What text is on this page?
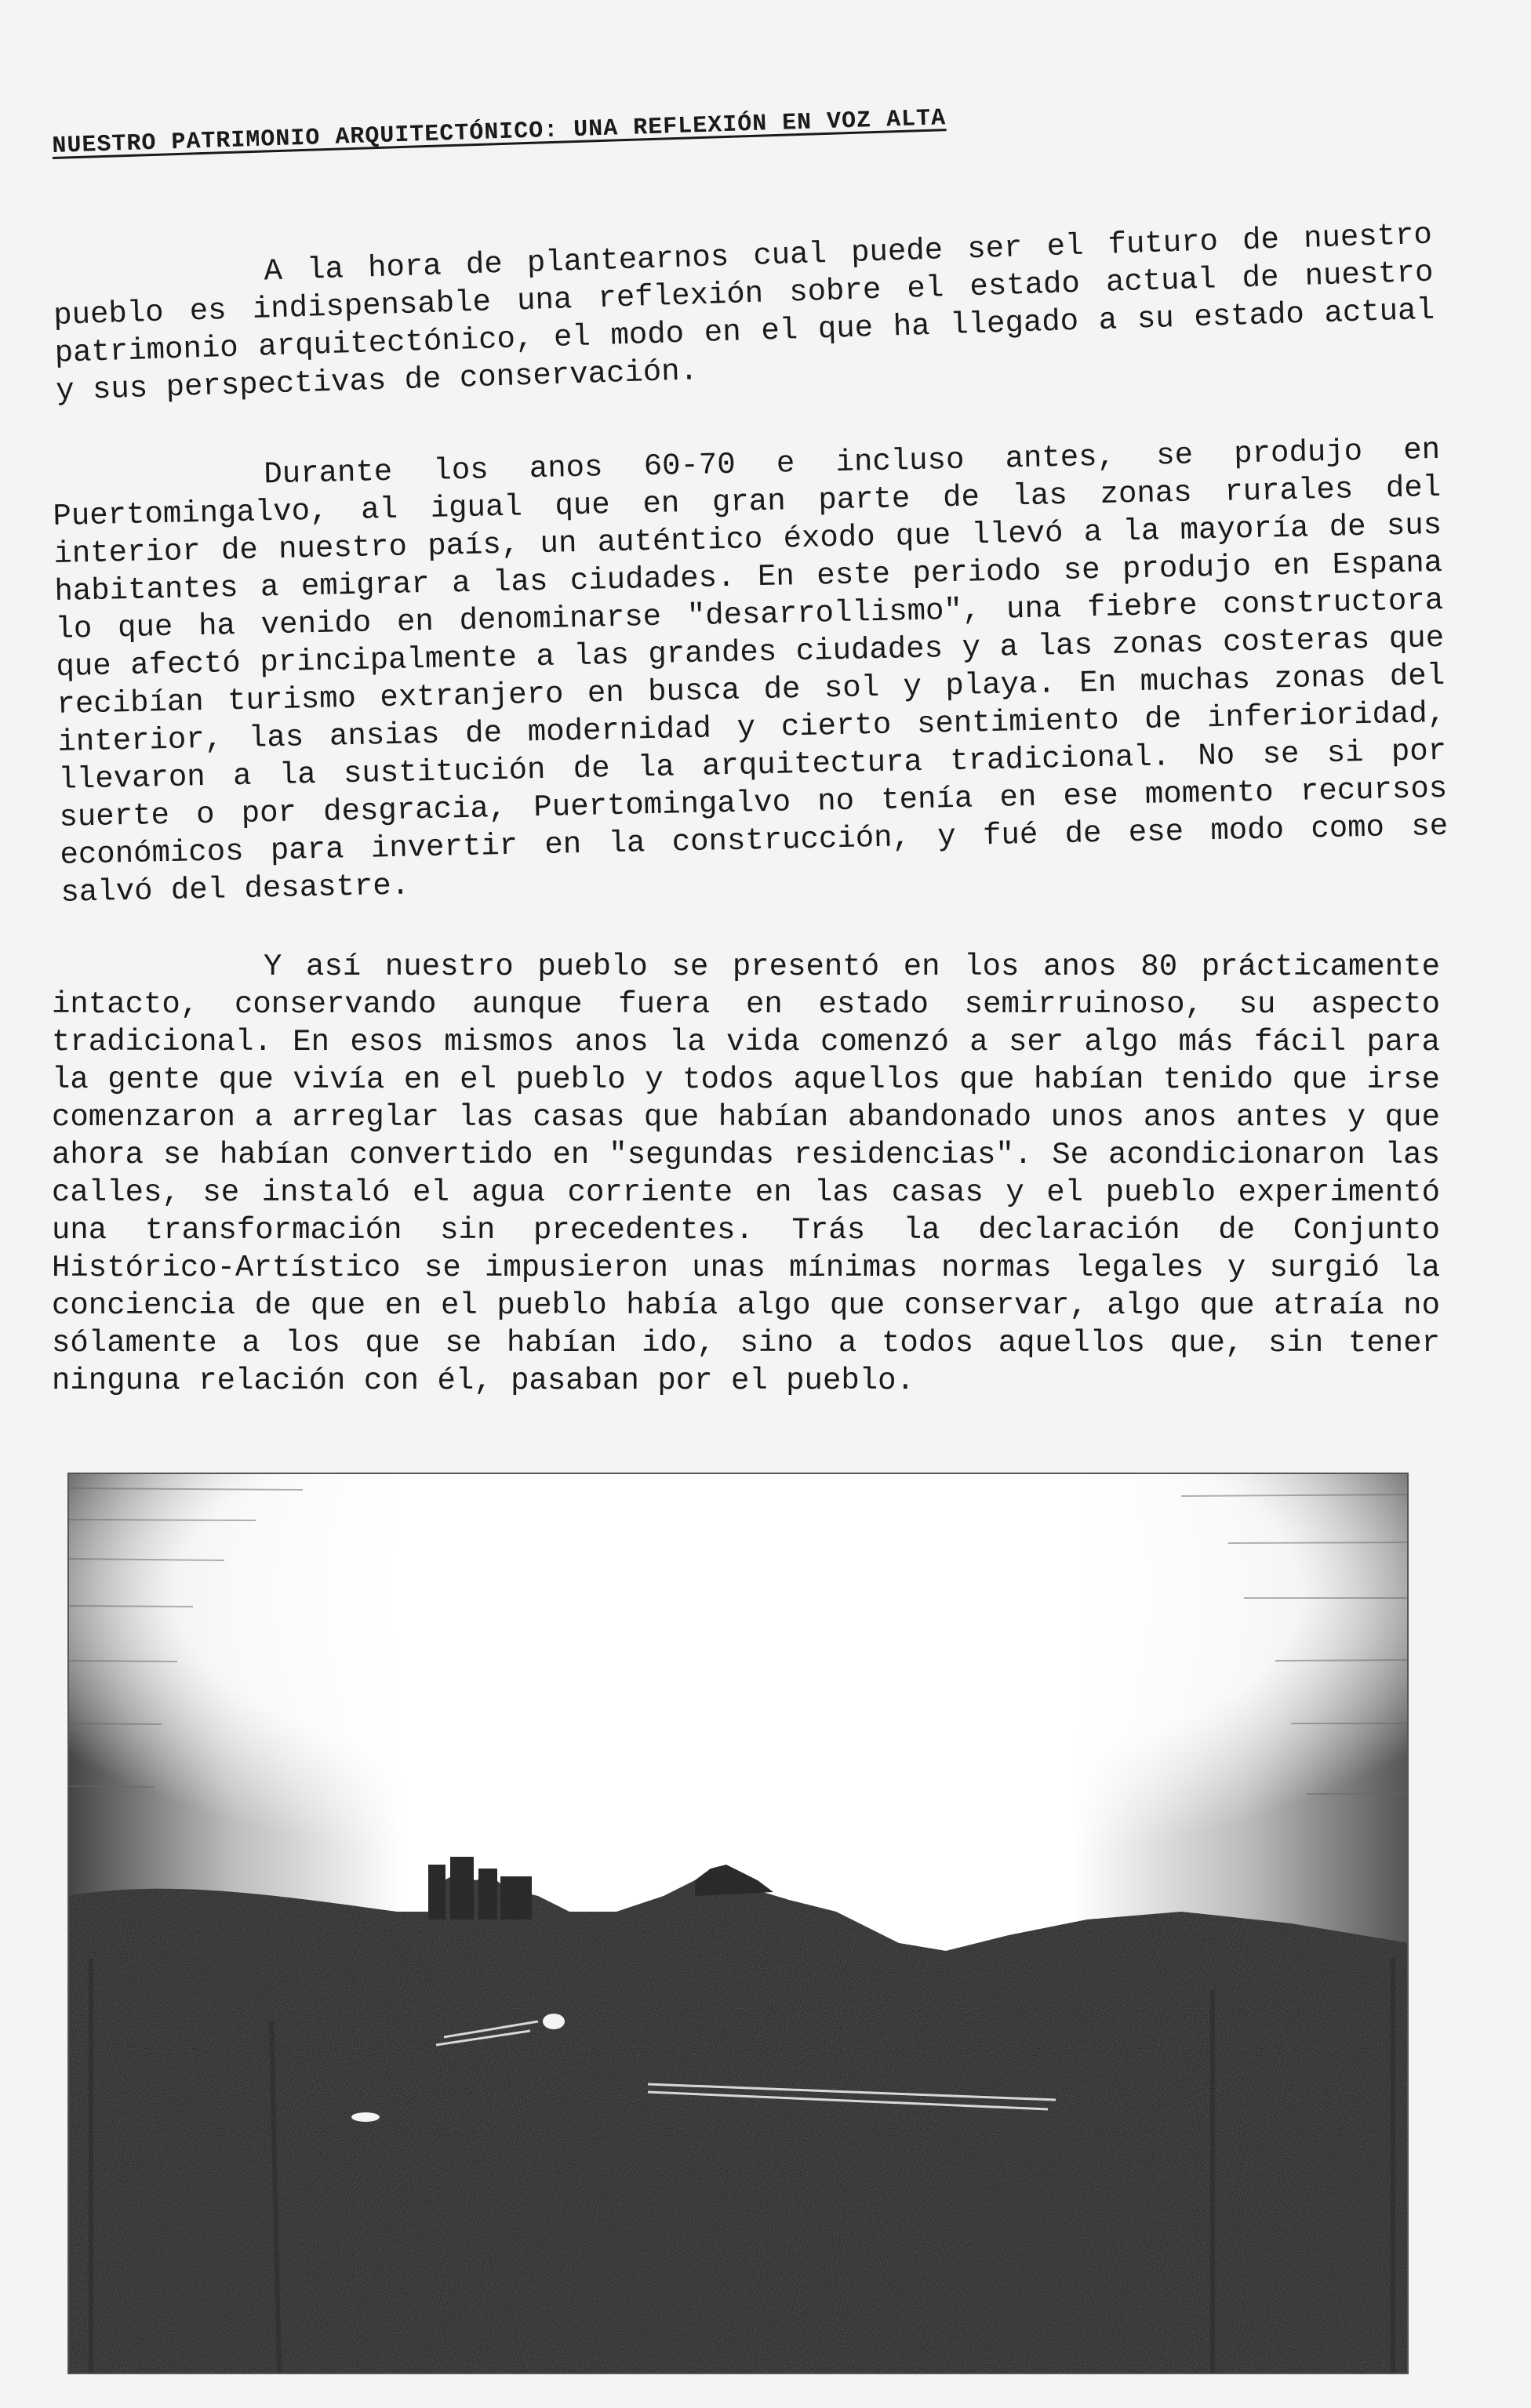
NUESTRO PATRIMONIO ARQUITECTÓNICO: UNA REFLEXIÓN EN VOZ ALTA

A la hora de plantearnos cual puede ser el futuro de nuestro pueblo es indispensable una reflexión sobre el estado actual de nuestro patrimonio arquitectónico, el modo en el que ha llegado a su estado actual y sus perspectivas de conservación.

Durante los anos 60-70 e incluso antes, se produjo en Puertomingalvo, al igual que en gran parte de las zonas rurales del interior de nuestro país, un auténtico éxodo que llevó a la mayoría de sus habitantes a emigrar a las ciudades. En este periodo se produjo en Espana lo que ha venido en denominarse "desarrollismo", una fiebre constructora que afectó principalmente a las grandes ciudades y a las zonas costeras que recibían turismo extranjero en busca de sol y playa. En muchas zonas del interior, las ansias de modernidad y cierto sentimiento de inferioridad, llevaron a la sustitución de la arquitectura tradicional. No se si por suerte o por desgracia, Puertomingalvo no tenía en ese momento recursos económicos para invertir en la construcción, y fué de ese modo como se salvó del desastre.

Y así nuestro pueblo se presentó en los anos 80 prácticamente intacto, conservando aunque fuera en estado semirruinoso, su aspecto tradicional. En esos mismos anos la vida comenzó a ser algo más fácil para la gente que vivía en el pueblo y todos aquellos que habían tenido que irse comenzaron a arreglar las casas que habían abandonado unos anos antes y que ahora se habían convertido en "segundas residencias". Se acondicionaron las calles, se instaló el agua corriente en las casas y el pueblo experimentó una transformación sin precedentes. Trás la declaración de Conjunto Histórico-Artístico se impusieron unas mínimas normas legales y surgió la conciencia de que en el pueblo había algo que conservar, algo que atraía no sólamente a los que se habían ido, sino a todos aquellos que, sin tener ninguna relación con él, pasaban por el pueblo.
